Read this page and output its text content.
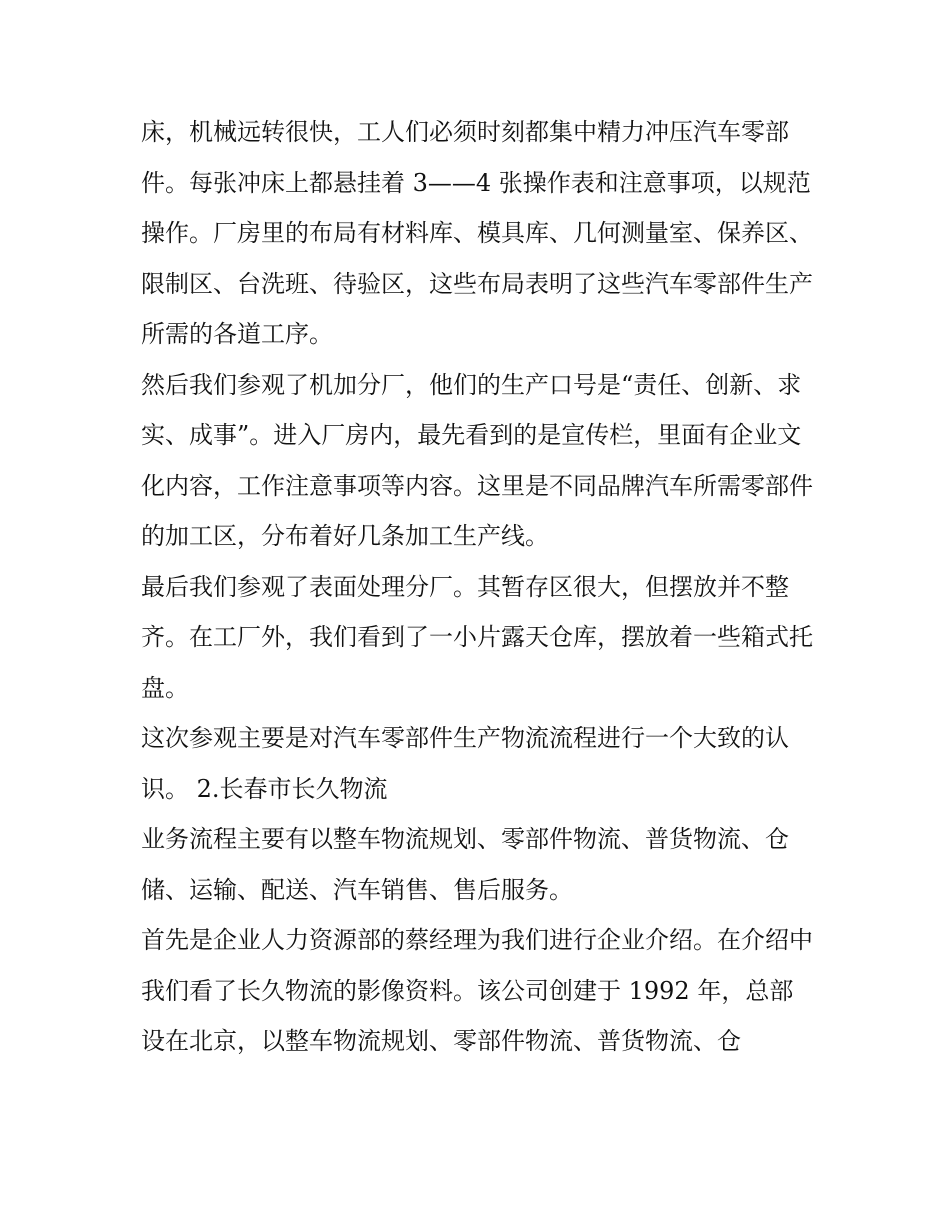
床，机械远转很快，工人们必须时刻都集中精力冲压汽车零部件。每张冲床上都悬挂着 3——4 张操作表和注意事项，以规范操作。厂房里的布局有材料库、模具库、几何测量室、保养区、限制区、台洗班、待验区，这些布局表明了这些汽车零部件生产所需的各道工序。

然后我们参观了机加分厂，他们的生产口号是“责任、创新、求实、成事”。进入厂房内，最先看到的是宣传栏，里面有企业文化内容，工作注意事项等内容。这里是不同品牌汽车所需零部件的加工区，分布着好几条加工生产线。

最后我们参观了表面处理分厂。其暂存区很大，但摆放并不整齐。在工厂外，我们看到了一小片露天仓库，摆放着一些箱式托盘。

这次参观主要是对汽车零部件生产物流流程进行一个大致的认识。 2.长春市长久物流

业务流程主要有以整车物流规划、零部件物流、普货物流、仓储、运输、配送、汽车销售、售后服务。

首先是企业人力资源部的蔡经理为我们进行企业介绍。在介绍中我们看了长久物流的影像资料。该公司创建于 1992 年，总部设在北京，以整车物流规划、零部件物流、普货物流、仓
